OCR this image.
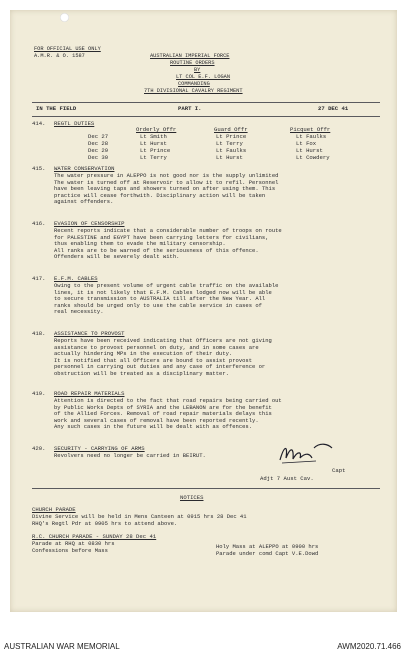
FOR OFFICIAL USE ONLY
A.M.R. & O. 1587	AUSTRALIAN IMPERIAL FORCE
ROUTINE ORDERS
BY
LT COL E.F. LOGAN
COMMANDING
7TH DIVISIONAL CAVALRY REGIMENT
IN THE FIELD	PART I.	27 DEC 41
414. REGTL DUTIES
Orderly Offr	Guard Offr	Picquet Offr
Dec 27	Lt Smith	Lt Prince	Lt Faulks
Dec 28	Lt Hurst	Lt Terry	Lt Fox
Dec 29	Lt Prince	Lt Faulks	Lt Hurst
Dec 30	Lt Terry	Lt Hurst	Lt Cowdery
415. WATER CONSERVATION
The water pressure in ALEPPO is not good nor is the supply unlimited
The water is turned off at Reservoir to allow it to refil. Personnel
have been leaving taps and showers turned on after using them. This
practice will cease forthwith. Disciplinary action will be taken
against offenders.
416. EVASION OF CENSORSHIP
Recent reports indicate that a considerable number of troops on route
for PALESTINE and EGYPT have been carrying letters for civilians,
thus enabling them to evade the military censorship.
All ranks are to be warned of the seriousness of this offence.
Offenders will be severely dealt with.
417. E.F.M. CABLES
Owing to the present volume of urgent cable traffic on the available
lines, it is not likely that E.F.M. Cables lodged now will be able
to secure transmission to AUSTRALIA till after the New Year. All
ranks should be urged only to use the cable service in cases of
real necessity.
418. ASSISTANCE TO PROVOST
Reports have been received indicating that Officers are not giving
assistance to provost personnel on duty, and in some cases are
actually hindering MPs in the execution of their duty.
It is notified that all Officers are bound to assist provost
personnel in carrying out duties and any case of interference or
obstruction will be treated as a disciplinary matter.
419. ROAD REPAIR MATERIALS
Attention is directed to the fact that road repairs being carried out
by Public Works Depts of SYRIA and the LEBANON are for the benefit
of the Allied Forces. Removal of road repair materials delays this
work and several cases of removal have been reported recently.
Any such cases in the future will be dealt with as offences.
420. SECURITY - CARRYING OF ARMS
Revolvers need no longer be carried in BEIRUT.
Capt
Adjt 7 Aust Cav.
NOTICES
CHURCH PARADE
Divine Service will be held in Mens Canteen at 0915 hrs 28 Dec 41
RHQ's Regtl Pdr at 0905 hrs to attend above.
R.C. CHURCH PARADE - SUNDAY 28 Dec 41
Parade at RHQ at 0830 hrs
Confessions before Mass
Holy Mass at ALEPPO at 0900 hrs
Parade under comd Capt V.E.Dowd
AUSTRALIAN WAR MEMORIAL	AWM2020.71.466
